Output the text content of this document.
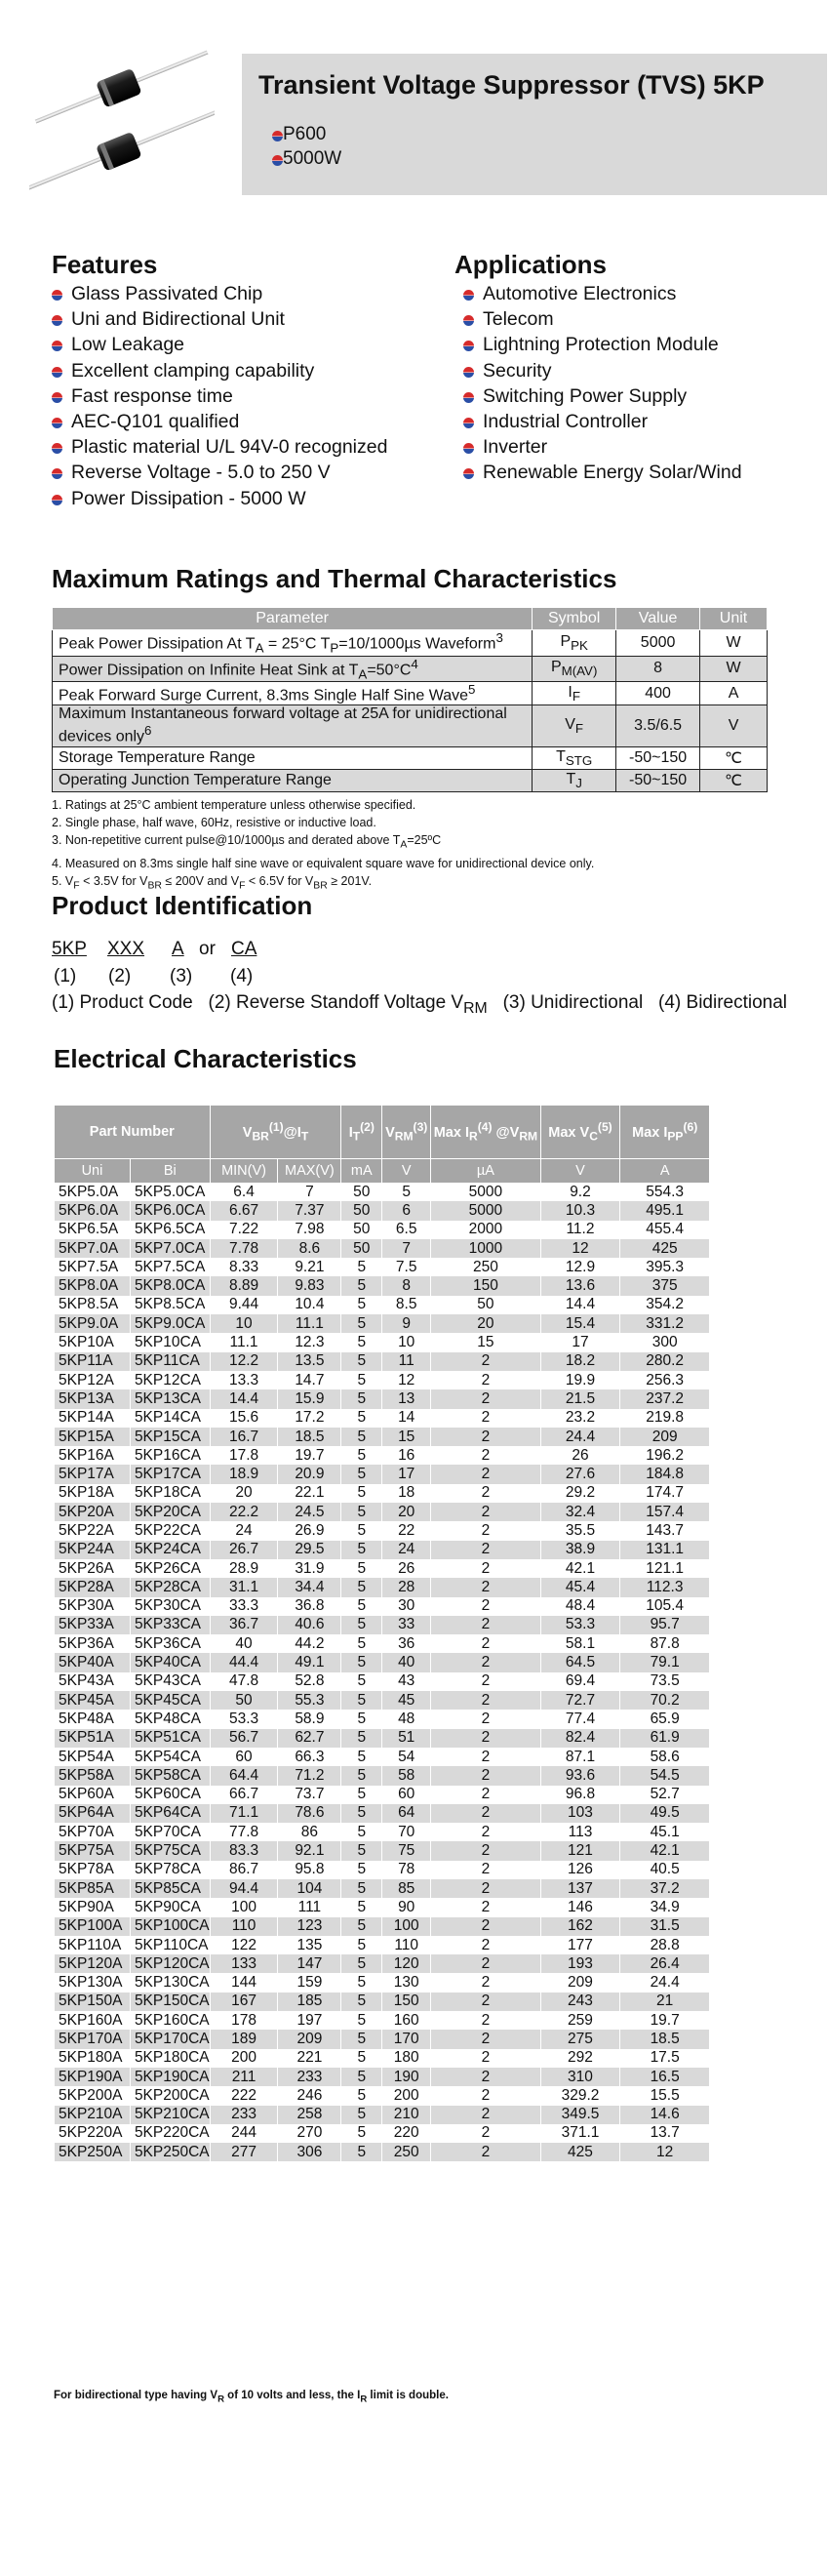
Transient Voltage Suppressor (TVS) 5KP
P600
5000W
Features
Glass Passivated Chip
Uni and Bidirectional Unit
Low Leakage
Excellent clamping capability
Fast response time
AEC-Q101 qualified
Plastic material U/L 94V-0 recognized
Reverse Voltage - 5.0 to 250 V
Power Dissipation - 5000 W
Applications
Automotive Electronics
Telecom
Lightning Protection Module
Security
Switching Power Supply
Industrial Controller
Inverter
Renewable Energy Solar/Wind
Maximum Ratings and Thermal Characteristics
Parameter	Symbol	Value	Unit
Peak Power Dissipation At $T_A = 25^\circ C$ $T_P=10/1000\mu s$ Waveform$^3$	$P_{PK}$	5000	W
Power Dissipation on Infinite Heat Sink at $T_A=50^\circ C^4$	$P_{M(AV)}$	8	W
Peak Forward Surge Current, 8.3ms Single Half Sine Wave$^5$	$I_F$	400	A
Maximum Instantaneous forward voltage at 25A for unidirectional devices only$^6$	$V_F$	3.5/6.5	V
Storage Temperature Range	$T_{STG}$	-50~150	℃
Operating Junction Temperature Range	$T_J$	-50~150	℃
1. Ratings at 25°C ambient temperature unless otherwise specified.
2. Single phase, half wave, 60Hz, resistive or inductive load.
3. Non-repetitive current pulse@10/1000µs and derated above $T_A=25ºC$
4. Measured on 8.3ms single half sine wave or equivalent square wave for unidirectional device only.
5. $V_F < 3.5V$ for $V_{BR} \le 200V$ and $V_F < 6.5V$ for $V_{BR} \ge 201V$.
Product Identification
5KP XXX A or CA
(1) (2) (3) (4)
(1) Product Code   (2) Reverse Standoff Voltage $V_{RM}$   (3) Unidirectional   (4) Bidirectional
Electrical Characteristics
Part Number		$V_{BR}^{(1)}@I_T$		$I_T^{(2)}$	$V_{RM}^{(3)}$	Max $I_R^{(4)}$ $@V_{RM}$	Max $V_C^{(5)}$	Max $I_{PP}^{(6)}$
Uni	Bi	MIN(V)	MAX(V)	mA	V	µA	V	A
5KP5.0A	5KP5.0CA	6.4	7	50	5	5000	9.2	554.3
5KP6.0A	5KP6.0CA	6.67	7.37	50	6	5000	10.3	495.1
5KP6.5A	5KP6.5CA	7.22	7.98	50	6.5	2000	11.2	455.4
5KP7.0A	5KP7.0CA	7.78	8.6	50	7	1000	12	425
5KP7.5A	5KP7.5CA	8.33	9.21	5	7.5	250	12.9	395.3
5KP8.0A	5KP8.0CA	8.89	9.83	5	8	150	13.6	375
5KP8.5A	5KP8.5CA	9.44	10.4	5	8.5	50	14.4	354.2
5KP9.0A	5KP9.0CA	10	11.1	5	9	20	15.4	331.2
5KP10A	5KP10CA	11.1	12.3	5	10	15	17	300
5KP11A	5KP11CA	12.2	13.5	5	11	2	18.2	280.2
5KP12A	5KP12CA	13.3	14.7	5	12	2	19.9	256.3
5KP13A	5KP13CA	14.4	15.9	5	13	2	21.5	237.2
5KP14A	5KP14CA	15.6	17.2	5	14	2	23.2	219.8
5KP15A	5KP15CA	16.7	18.5	5	15	2	24.4	209
5KP16A	5KP16CA	17.8	19.7	5	16	2	26	196.2
5KP17A	5KP17CA	18.9	20.9	5	17	2	27.6	184.8
5KP18A	5KP18CA	20	22.1	5	18	2	29.2	174.7
5KP20A	5KP20CA	22.2	24.5	5	20	2	32.4	157.4
5KP22A	5KP22CA	24	26.9	5	22	2	35.5	143.7
5KP24A	5KP24CA	26.7	29.5	5	24	2	38.9	131.1
5KP26A	5KP26CA	28.9	31.9	5	26	2	42.1	121.1
5KP28A	5KP28CA	31.1	34.4	5	28	2	45.4	112.3
5KP30A	5KP30CA	33.3	36.8	5	30	2	48.4	105.4
5KP33A	5KP33CA	36.7	40.6	5	33	2	53.3	95.7
5KP36A	5KP36CA	40	44.2	5	36	2	58.1	87.8
5KP40A	5KP40CA	44.4	49.1	5	40	2	64.5	79.1
5KP43A	5KP43CA	47.8	52.8	5	43	2	69.4	73.5
5KP45A	5KP45CA	50	55.3	5	45	2	72.7	70.2
5KP48A	5KP48CA	53.3	58.9	5	48	2	77.4	65.9
5KP51A	5KP51CA	56.7	62.7	5	51	2	82.4	61.9
5KP54A	5KP54CA	60	66.3	5	54	2	87.1	58.6
5KP58A	5KP58CA	64.4	71.2	5	58	2	93.6	54.5
5KP60A	5KP60CA	66.7	73.7	5	60	2	96.8	52.7
5KP64A	5KP64CA	71.1	78.6	5	64	2	103	49.5
5KP70A	5KP70CA	77.8	86	5	70	2	113	45.1
5KP75A	5KP75CA	83.3	92.1	5	75	2	121	42.1
5KP78A	5KP78CA	86.7	95.8	5	78	2	126	40.5
5KP85A	5KP85CA	94.4	104	5	85	2	137	37.2
5KP90A	5KP90CA	100	111	5	90	2	146	34.9
5KP100A	5KP100CA	110	123	5	100	2	162	31.5
5KP110A	5KP110CA	122	135	5	110	2	177	28.8
5KP120A	5KP120CA	133	147	5	120	2	193	26.4
5KP130A	5KP130CA	144	159	5	130	2	209	24.4
5KP150A	5KP150CA	167	185	5	150	2	243	21
5KP160A	5KP160CA	178	197	5	160	2	259	19.7
5KP170A	5KP170CA	189	209	5	170	2	275	18.5
5KP180A	5KP180CA	200	221	5	180	2	292	17.5
5KP190A	5KP190CA	211	233	5	190	2	310	16.5
5KP200A	5KP200CA	222	246	5	200	2	329.2	15.5
5KP210A	5KP210CA	233	258	5	210	2	349.5	14.6
5KP220A	5KP220CA	244	270	5	220	2	371.1	13.7
5KP250A	5KP250CA	277	306	5	250	2	425	12
For bidirectional type having $V_R$ of 10 volts and less, the $I_R$ limit is double.
